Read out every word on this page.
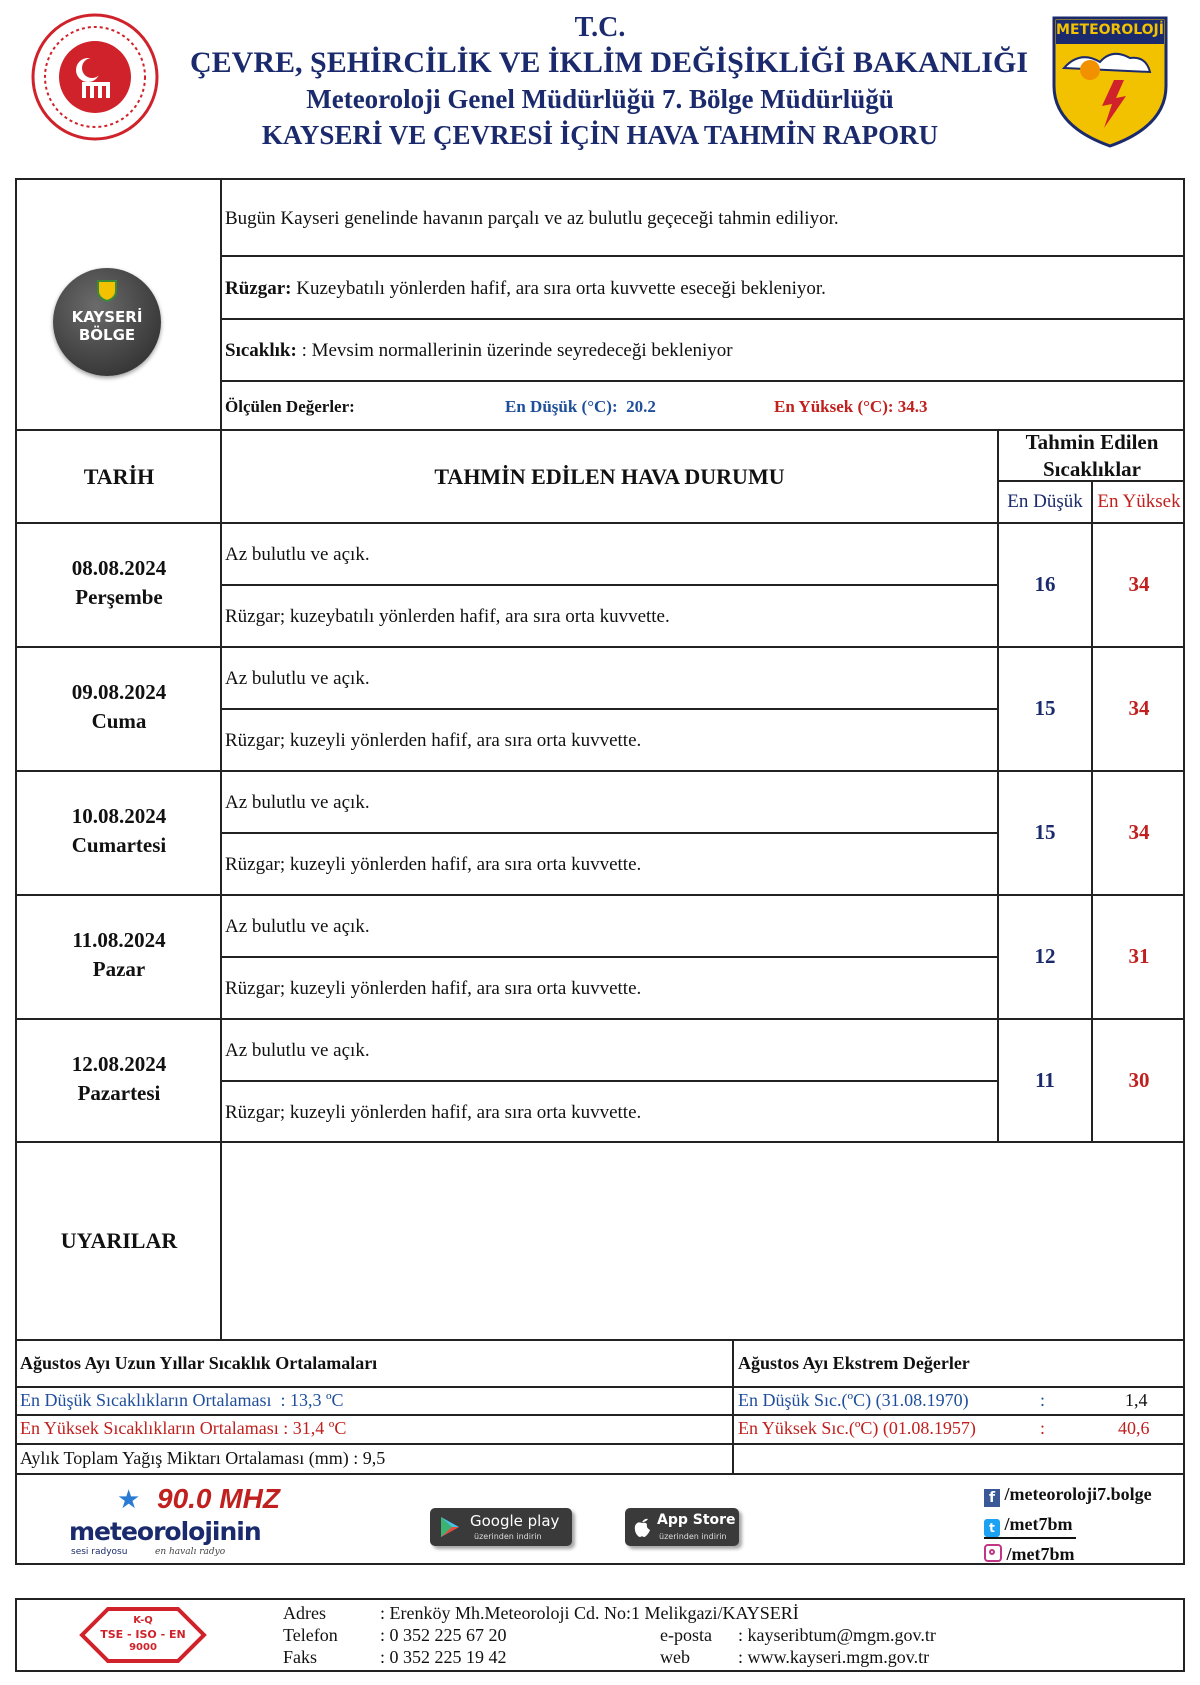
T.C.
ÇEVRE, ŞEHİRCİLİK VE İKLİM DEĞİŞİKLİĞİ BAKANLIĞI
Meteoroloji Genel Müdürlüğü 7. Bölge Müdürlüğü
KAYSERİ VE ÇEVRESİ İÇİN HAVA TAHMİN RAPORU
METEOROLOJİ
KAYSERİ
BÖLGE
Bugün Kayseri genelinde havanın parçalı ve az bulutlu geçeceği tahmin ediliyor.
Rüzgar: Kuzeybatılı yönlerden hafif, ara sıra orta kuvvette eseceği bekleniyor.
Sıcaklık: : Mevsim normallerinin üzerinde seyredeceği bekleniyor
Ölçülen Değerler:	En Düşük (°C): 20.2	En Yüksek (°C): 34.3
TARİH	TAHMİN EDİLEN HAVA DURUMU
Tahmin Edilen
Sıcaklıklar
En Düşük En Yüksek
08.08.2024
Perşembe
Az bulutlu ve açık.
Rüzgar; kuzeybatılı yönlerden hafif, ara sıra orta kuvvette.
16	34
09.08.2024
Cuma
Az bulutlu ve açık.
Rüzgar; kuzeyli yönlerden hafif, ara sıra orta kuvvette.
15	34
10.08.2024
Cumartesi
Az bulutlu ve açık.
Rüzgar; kuzeyli yönlerden hafif, ara sıra orta kuvvette.
15	34
11.08.2024
Pazar
Az bulutlu ve açık.
Rüzgar; kuzeyli yönlerden hafif, ara sıra orta kuvvette.
12	31
12.08.2024
Pazartesi
Az bulutlu ve açık.
Rüzgar; kuzeyli yönlerden hafif, ara sıra orta kuvvette.
11	30
UYARILAR
Ağustos Ayı Uzun Yıllar Sıcaklık Ortalamaları
En Düşük Sıcaklıkların Ortalaması : 13,3 ºC
En Yüksek Sıcaklıkların Ortalaması : 31,4 ºC
Aylık Toplam Yağış Miktarı Ortalaması (mm) : 9,5
Ağustos Ayı Ekstrem Değerler
En Düşük Sıc.(ºC) (31.08.1970)	:	1,4
En Yüksek Sıc.(ºC) (01.08.1957)	:	40,6
★ 90.0 MHZ
meteorolojinin
sesi radyosu	en havalı radyo
Google play
üzerinden indirin
App Store
üzerinden indirin
f /meteoroloji7.bolge
t /met7bm
/met7bm
K-Q
TSE - ISO - EN
9000
Adres	: Erenköy Mh.Meteoroloji Cd. No:1 Melikgazi/KAYSERİ
Telefon : 0 352 225 67 20
Faks	: 0 352 225 19 42
e-posta : kayseribtum@mgm.gov.tr
web	: www.kayseri.mgm.gov.tr
